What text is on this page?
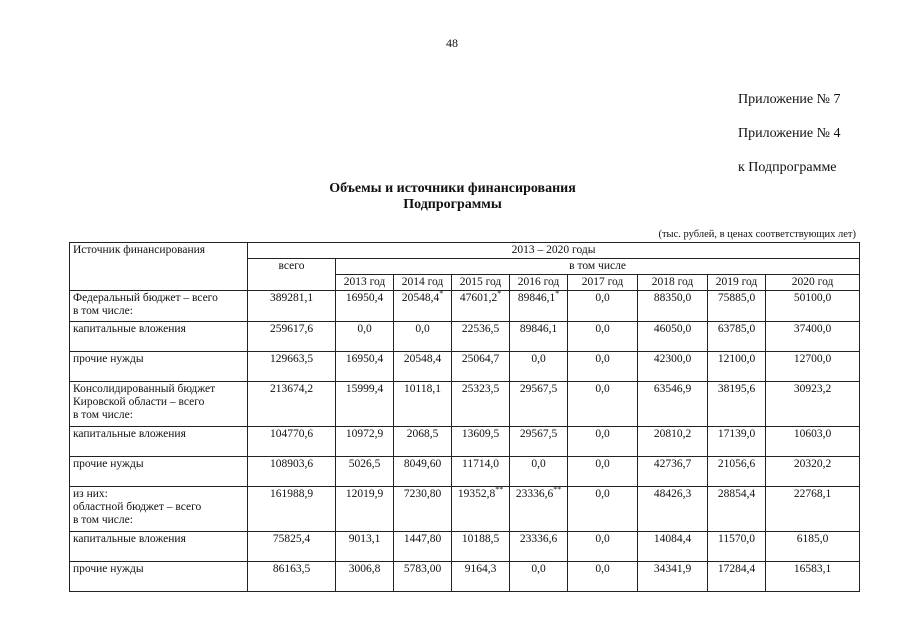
48
Приложение № 7
Приложение № 4
к Подпрограмме
Объемы и источники финансирования
Подпрограммы
(тыс. рублей, в ценах соответствующих лет)
Источник финансирования	2013 – 2020 годы								
	всего	в том числе							
		2013 год	2014 год	2015 год	2016 год	2017 год	2018 год	2019 год	2020 год

Федеральный бюджет – всего
в том числе:	389281,1	16950,4	20548,4*	47601,2*	89846,1*	0,0	88350,0	75885,0	50100,0

капитальные вложения	259617,6	0,0	0,0	22536,5	89846,1	0,0	46050,0	63785,0	37400,0

прочие нужды	129663,5	16950,4	20548,4	25064,7	0,0	0,0	42300,0	12100,0	12700,0

Консолидированный бюджет
Кировской области – всего
в том числе:	213674,2	15999,4	10118,1	25323,5	29567,5	0,0	63546,9	38195,6	30923,2

капитальные вложения	104770,6	10972,9	2068,5	13609,5	29567,5	0,0	20810,2	17139,0	10603,0

прочие нужды	108903,6	5026,5	8049,60	11714,0	0,0	0,0	42736,7	21056,6	20320,2

из них:
областной бюджет – всего
в том числе:	161988,9	12019,9	7230,80	19352,8**	23336,6**	0,0	48426,3	28854,4	22768,1

капитальные вложения	75825,4	9013,1	1447,80	10188,5	23336,6	0,0	14084,4	11570,0	6185,0

прочие нужды	86163,5	3006,8	5783,00	9164,3	0,0	0,0	34341,9	17284,4	16583,1
